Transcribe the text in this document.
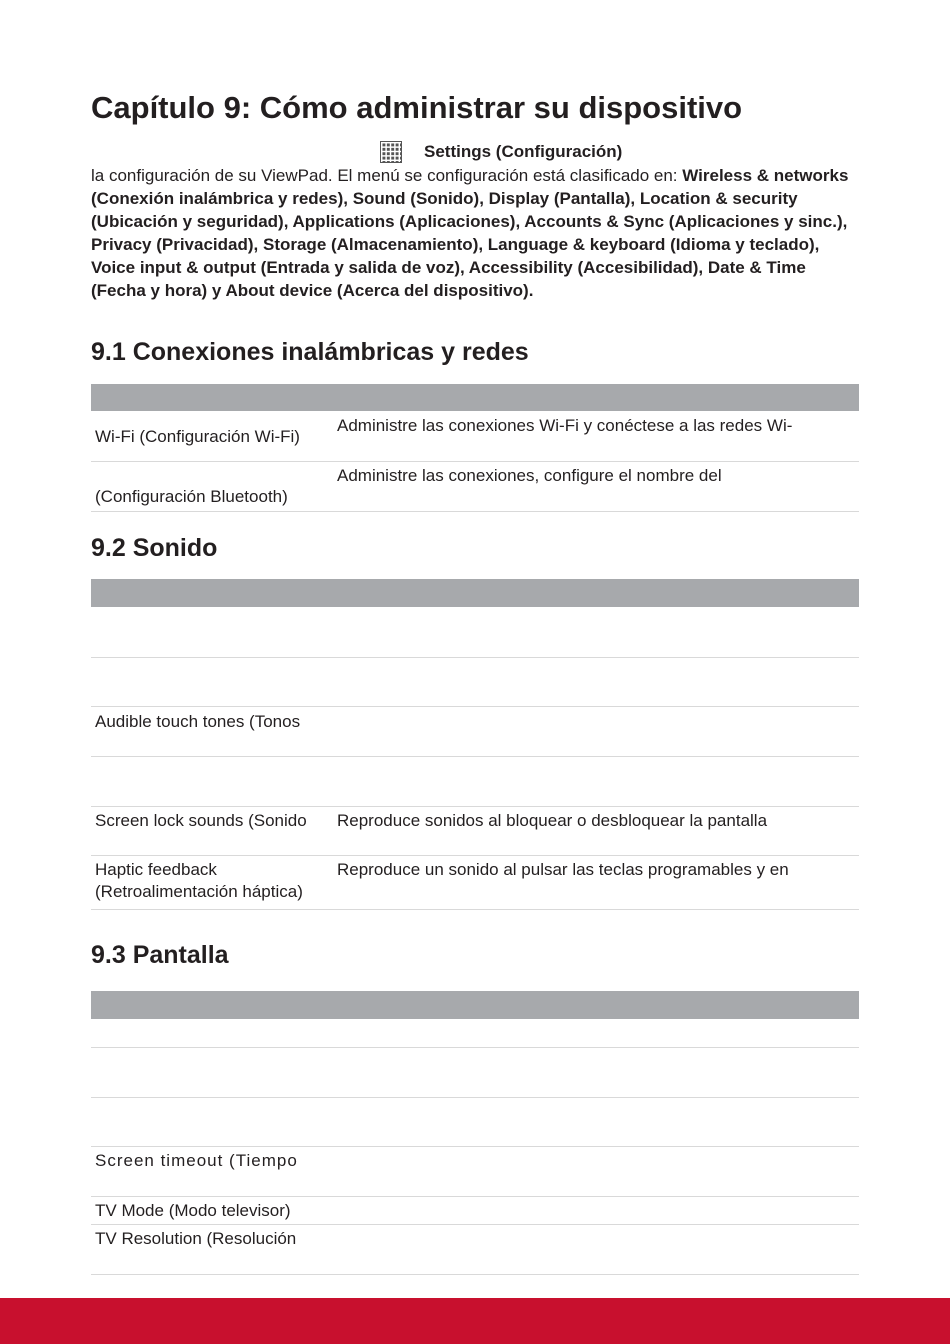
Capítulo 9: Cómo administrar su dispositivo
Settings (Configuración)

la configuración de su ViewPad. El menú se configuración está clasificado en: Wireless & networks (Conexión inalámbrica y redes), Sound (Sonido), Display (Pantalla), Location & security (Ubicación y seguridad), Applications (Aplicaciones), Accounts & Sync (Aplicaciones y sinc.), Privacy (Privacidad), Storage (Almacenamiento), Language & keyboard (Idioma y teclado), Voice input & output (Entrada y salida de voz), Accessibility (Accesibilidad), Date & Time (Fecha y hora) y About device (Acerca del dispositivo).

9.1 Conexiones inalámbricas y redes
Wi-Fi (Configuración Wi-Fi)
Administre las conexiones Wi-Fi y conéctese a las redes Wi-
(Configuración Bluetooth)
Administre las conexiones, configure el nombre del
9.2 Sonido
Audible touch tones (Tonos
Screen lock sounds (Sonido	Reproduce sonidos al bloquear o desbloquear la pantalla
Haptic feedback
(Retroalimentación háptica)
Reproduce un sonido al pulsar las teclas programables y en
9.3 Pantalla
Screen timeout (Tiempo
TV Mode (Modo televisor)
TV Resolution (Resolución
